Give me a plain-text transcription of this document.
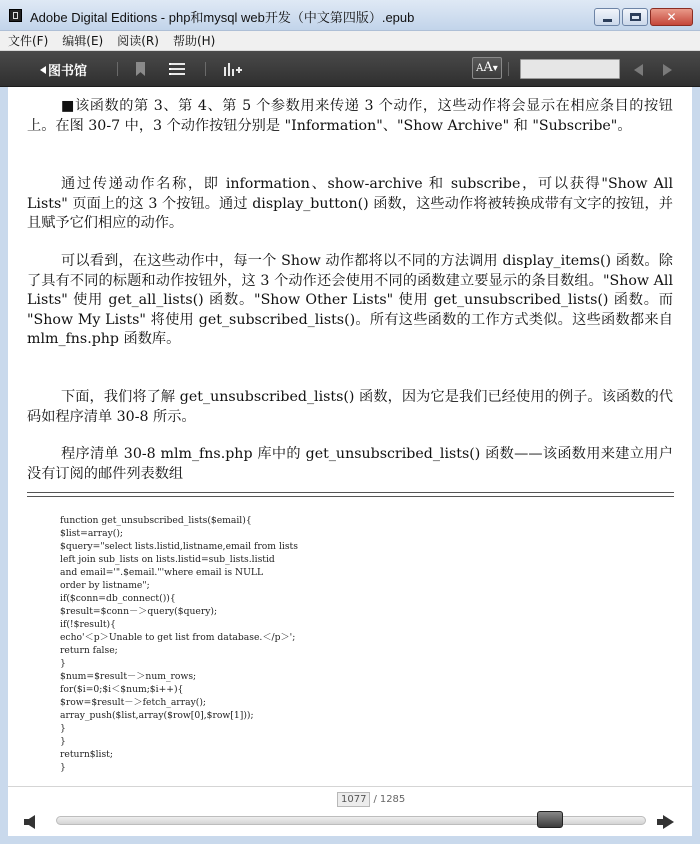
Adobe Digital Editions - php和mysql web开发（中文第四版）.epub	✕
文件(F) 编辑(E) 阅读(R) 帮助(H)
图书馆	AA▾

■该函数的第 3、第 4、第 5 个参数用来传递 3 个动作，这些动作将会显示在相应条目的按钮上。在图 30-7 中，3 个动作按钮分别是 "Information"、"Show Archive" 和 "Subscribe"。

通过传递动作名称，即 information、show-archive 和 subscribe，可以获得"Show All Lists" 页面上的这 3 个按钮。通过 display_button() 函数，这些动作将被转换成带有文字的按钮，并且赋予它们相应的动作。

可以看到，在这些动作中，每一个 Show 动作都将以不同的方法调用 display_items() 函数。除了具有不同的标题和动作按钮外，这 3 个动作还会使用不同的函数建立要显示的条目数组。"Show All Lists" 使用 get_all_lists() 函数。"Show Other Lists" 使用 get_unsubscribed_lists() 函数。而 "Show My Lists" 将使用 get_subscribed_lists()。所有这些函数的工作方式类似。这些函数都来自 mlm_fns.php 函数库。

下面，我们将了解 get_unsubscribed_lists() 函数，因为它是我们已经使用的例子。该函数的代码如程序清单 30-8 所示。

程序清单 30-8 mlm_fns.php 库中的 get_unsubscribed_lists() 函数——该函数用来建立用户没有订阅的邮件列表数组

function get_unsubscribed_lists($email){
$list=array();
$query="select lists.listid,listname,email from lists
left join sub_lists on lists.listid=sub_lists.listid
and email='".$email."'where email is NULL
order by listname";
if($conn=db_connect()){
$result=$conn－＞query($query);
if(!$result){
echo'＜p＞Unable to get list from database.＜/p＞';
return false;
}
$num=$result－＞num_rows;
for($i=0;$i＜$num;$i++){
$row=$result－＞fetch_array();
array_push($list,array($row[0],$row[1]));
}
}
return$list;
}
1077 / 1285
